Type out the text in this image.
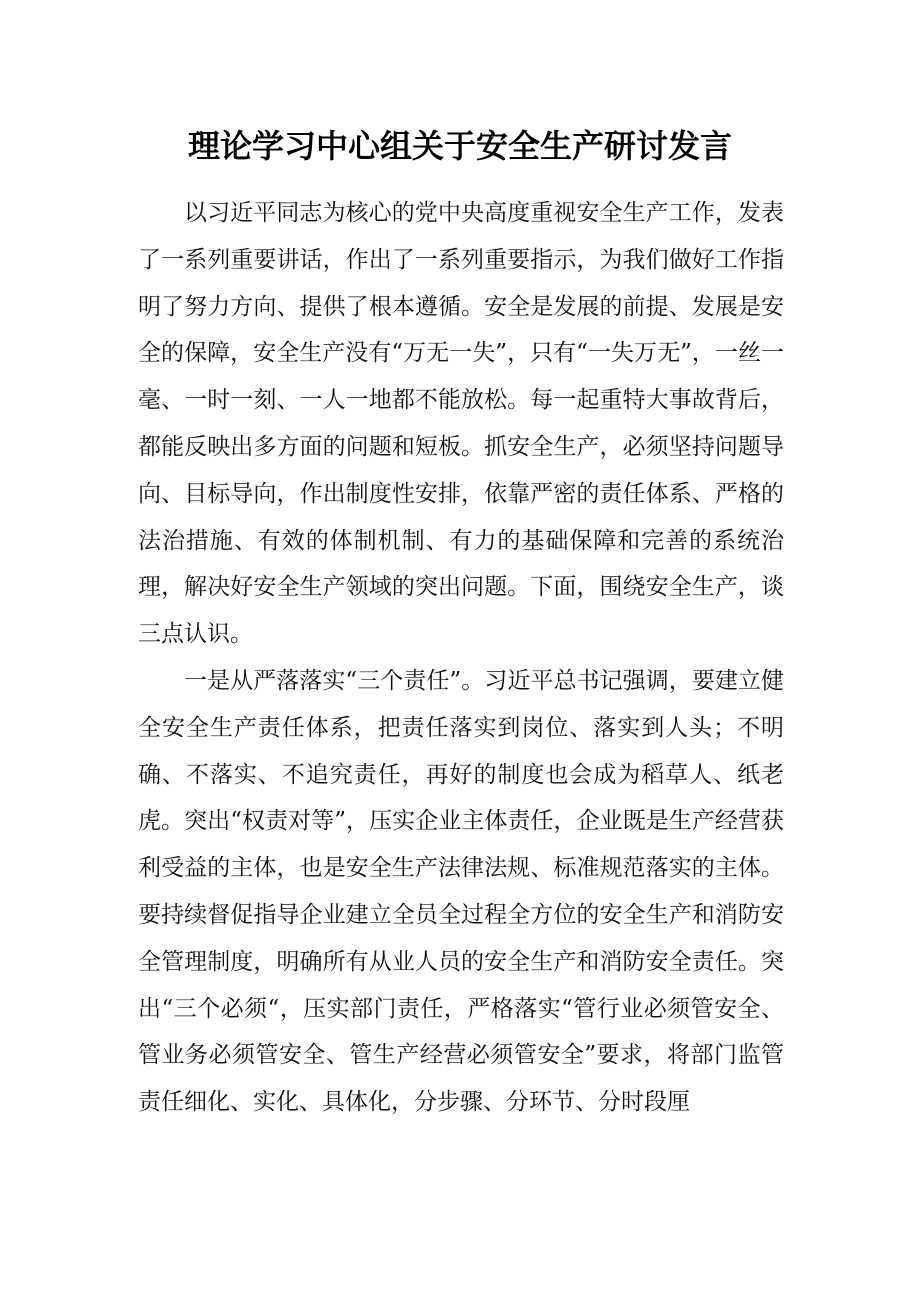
理论学习中心组关于安全生产研讨发言

以习近平同志为核心的党中央高度重视安全生产工作，发表了一系列重要讲话，作出了一系列重要指示，为我们做好工作指明了努力方向、提供了根本遵循。安全是发展的前提、发展是安全的保障，安全生产没有“万无一失”，只有“一失万无”，一丝一毫、一时一刻、一人一地都不能放松。每一起重特大事故背后，都能反映出多方面的问题和短板。抓安全生产，必须坚持问题导向、目标导向，作出制度性安排，依靠严密的责任体系、严格的法治措施、有效的体制机制、有力的基础保障和完善的系统治理，解决好安全生产领域的突出问题。下面，围绕安全生产，谈三点认识。

一是从严落落实“三个责任”。习近平总书记强调，要建立健全安全生产责任体系，把责任落实到岗位、落实到人头；不明确、不落实、不追究责任，再好的制度也会成为稻草人、纸老虎。突出“权责对等”，压实企业主体责任，企业既是生产经营获利受益的主体，也是安全生产法律法规、标准规范落实的主体。要持续督促指导企业建立全员全过程全方位的安全生产和消防安全管理制度，明确所有从业人员的安全生产和消防安全责任。突出“三个必须“，压实部门责任，严格落实“管行业必须管安全、管业务必须管安全、管生产经营必须管安全”要求，将部门监管责任细化、实化、具体化，分步骤、分环节、分时段厘
